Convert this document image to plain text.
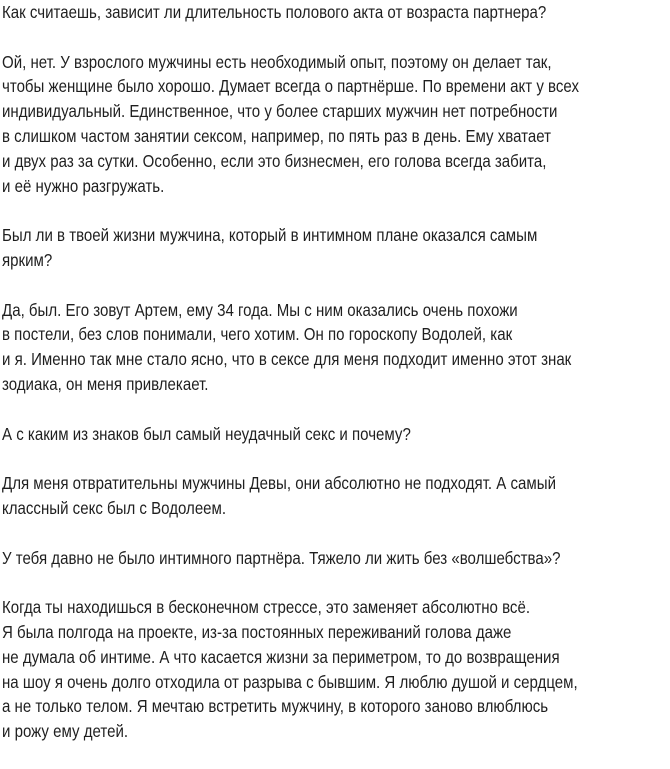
Как считаешь, зависит ли длительность полового акта от возраста партнера?

Ой, нет. У взрослого мужчины есть необходимый опыт, поэтому он делает так,
чтобы женщине было хорошо. Думает всегда о партнёрше. По времени акт у всех
индивидуальный. Единственное, что у более старших мужчин нет потребности
в слишком частом занятии сексом, например, по пять раз в день. Ему хватает
и двух раз за сутки. Особенно, если это бизнесмен, его голова всегда забита,
и её нужно разгружать.

Был ли в твоей жизни мужчина, который в интимном плане оказался самым
ярким?

Да, был. Его зовут Артем, ему 34 года. Мы с ним оказались очень похожи
в постели, без слов понимали, чего хотим. Он по гороскопу Водолей, как
и я. Именно так мне стало ясно, что в сексе для меня подходит именно этот знак
зодиака, он меня привлекает.

А с каким из знаков был самый неудачный секс и почему?

Для меня отвратительны мужчины Девы, они абсолютно не подходят. А самый
классный секс был с Водолеем.

У тебя давно не было интимного партнёра. Тяжело ли жить без «волшебства»?

Когда ты находишься в бесконечном стрессе, это заменяет абсолютно всё.
Я была полгода на проекте, из-за постоянных переживаний голова даже
не думала об интиме. А что касается жизни за периметром, то до возвращения
на шоу я очень долго отходила от разрыва с бывшим. Я люблю душой и сердцем,
а не только телом. Я мечтаю встретить мужчину, в которого заново влюблюсь
и рожу ему детей.
